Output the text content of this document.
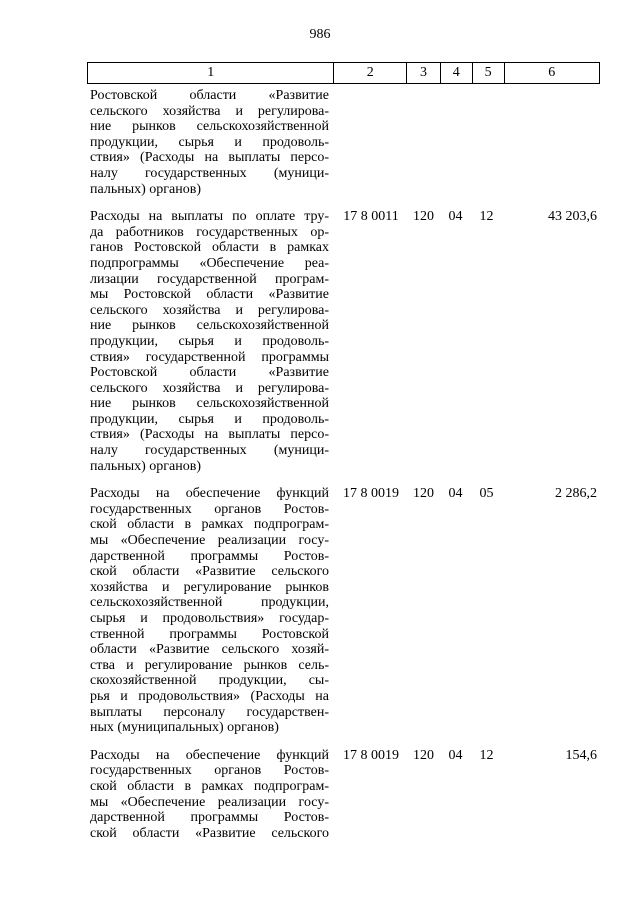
986
1	2	3	4	5	6
Ростовской области «Развитие
сельского хозяйства и регулирова-
ние рынков сельскохозяйственной
продукции, сырья и продоволь-
ствия» (Расходы на выплаты персо-
налу государственных (муници-
пальных) органов)
Расходы на выплаты по оплате тру-
да работников государственных ор-
ганов Ростовской области в рамках
подпрограммы «Обеспечение реа-
лизации государственной програм-
мы Ростовской области «Развитие
сельского хозяйства и регулирова-
ние рынков сельскохозяйственной
продукции, сырья и продоволь-
ствия» государственной программы
Ростовской области «Развитие
сельского хозяйства и регулирова-
ние рынков сельскохозяйственной
продукции, сырья и продоволь-
ствия» (Расходы на выплаты персо-
налу государственных (муници-
пальных) органов)
17 8 0011	120	04	12	43 203,6
Расходы на обеспечение функций
государственных органов Ростов-
ской области в рамках подпрограм-
мы «Обеспечение реализации госу-
дарственной программы Ростов-
ской области «Развитие сельского
хозяйства и регулирование рынков
сельскохозяйственной продукции,
сырья и продовольствия» государ-
ственной программы Ростовской
области «Развитие сельского хозяй-
ства и регулирование рынков сель-
скохозяйственной продукции, сы-
рья и продовольствия» (Расходы на
выплаты персоналу государствен-
ных (муниципальных) органов)
17 8 0019	120	04	05	2 286,2
Расходы на обеспечение функций
государственных органов Ростов-
ской области в рамках подпрограм-
мы «Обеспечение реализации госу-
дарственной программы Ростов-
ской области «Развитие сельского
17 8 0019	120	04	12	154,6
